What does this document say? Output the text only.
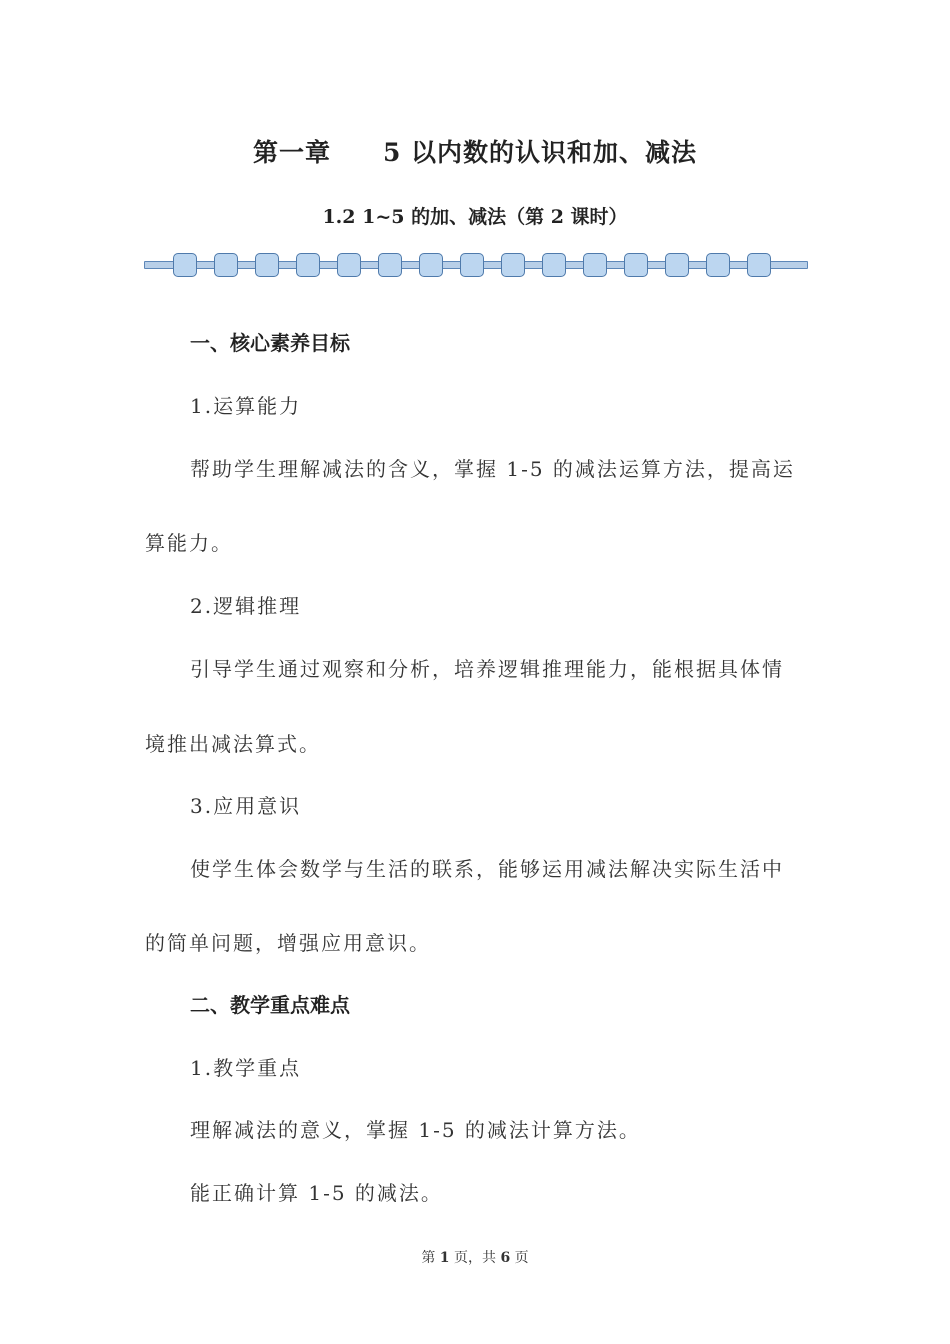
第一章　　5 以内数的认识和加、减法
1.2 1~5 的加、减法（第 2 课时）
一、核心素养目标
1.运算能力
帮助学生理解减法的含义，掌握 1-5 的减法运算方法，提高运
算能力。
2.逻辑推理
引导学生通过观察和分析，培养逻辑推理能力，能根据具体情
境推出减法算式。
3.应用意识
使学生体会数学与生活的联系，能够运用减法解决实际生活中
的简单问题，增强应用意识。
二、教学重点难点
1.教学重点
理解减法的意义，掌握 1-5 的减法计算方法。
能正确计算 1-5 的减法。
第 1 页，共 6 页
